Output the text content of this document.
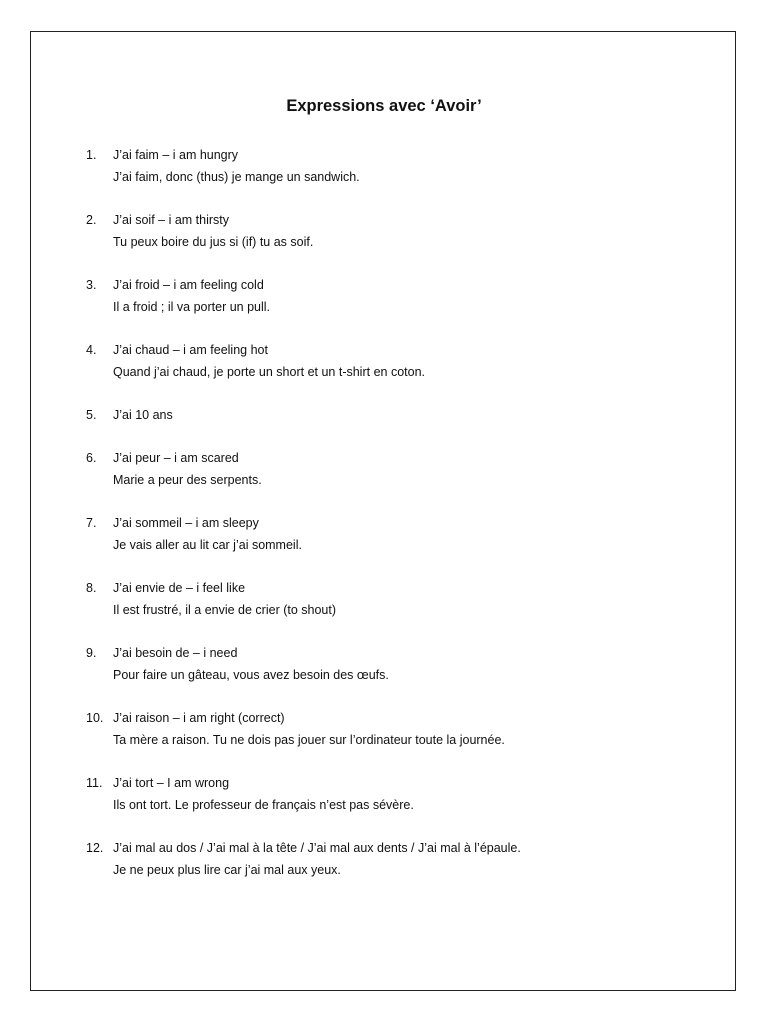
Expressions avec ‘Avoir’
1.	J’ai faim – i am hungry
J’ai faim, donc (thus) je mange un sandwich.
2.	J’ai soif – i am thirsty
Tu peux boire du jus si (if) tu as soif.
3.	J’ai froid – i am feeling cold
Il a froid ; il va porter un pull.
4.	J’ai chaud – i am feeling hot
Quand j’ai chaud, je porte un short et un t-shirt en coton.
5.	J’ai 10 ans
6.	J’ai peur – i am scared
Marie a peur des serpents.
7.	J’ai sommeil – i am sleepy
Je vais aller au lit car j’ai sommeil.
8.	J’ai envie de – i feel like
Il est frustré, il a envie de crier (to shout)
9.	J’ai besoin de – i need
Pour faire un gâteau, vous avez besoin des œufs.
10. J’ai raison – i am right (correct)
Ta mère a raison. Tu ne dois pas jouer sur l’ordinateur toute la journée.
11. J’ai tort – I am wrong
Ils ont tort. Le professeur de français n’est pas sévère.
12. J’ai mal au dos / J’ai mal à la tête / J’ai mal aux dents / J’ai mal à l’épaule.
Je ne peux plus lire car j’ai mal aux yeux.
